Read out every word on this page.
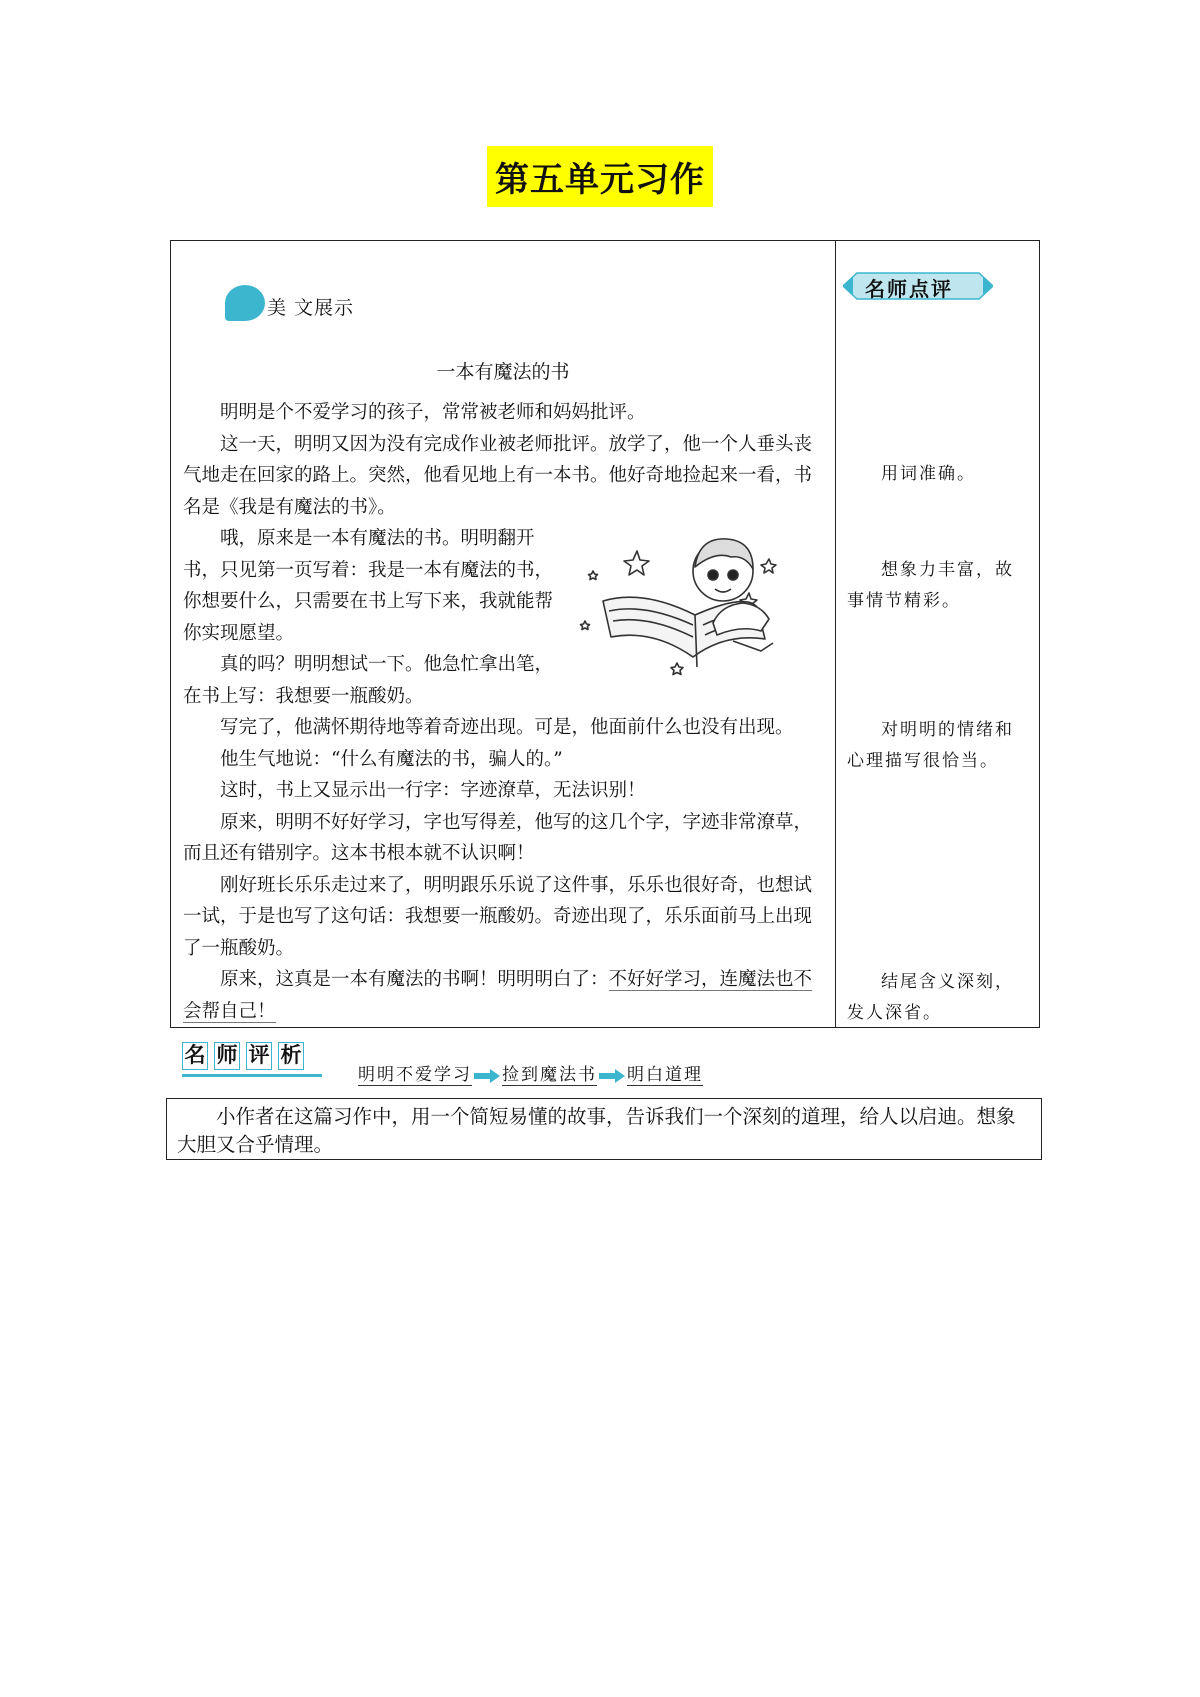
第五单元习作
美 文展示
一本有魔法的书

明明是个不爱学习的孩子，常常被老师和妈妈批评。

这一天，明明又因为没有完成作业被老师批评。放学了，他一个人垂头丧气地走在回家的路上。突然，他看见地上有一本书。他好奇地捡起来一看，书名是《我是有魔法的书》。

哦，原来是一本有魔法的书。明明翻开书，只见第一页写着：我是一本有魔法的书，你想要什么，只需要在书上写下来，我就能帮你实现愿望。

真的吗？明明想试一下。他急忙拿出笔，在书上写：我想要一瓶酸奶。

写完了，他满怀期待地等着奇迹出现。可是，他面前什么也没有出现。

他生气地说：“什么有魔法的书，骗人的。”

这时，书上又显示出一行字：字迹潦草，无法识别！

原来，明明不好好学习，字也写得差，他写的这几个字，字迹非常潦草，而且还有错别字。这本书根本就不认识啊！

刚好班长乐乐走过来了，明明跟乐乐说了这件事，乐乐也很好奇，也想试一试，于是也写了这句话：我想要一瓶酸奶。奇迹出现了，乐乐面前马上出现了一瓶酸奶。

原来，这真是一本有魔法的书啊！明明明白了：不好好学习，连魔法也不会帮自己！

名师点评

用词准确。

想象力丰富，故事情节精彩。

对明明的情绪和心理描写很恰当。

结尾含义深刻，发人深省。

名 师 评 析
明明不爱学习 捡到魔法书 明白道理

小作者在这篇习作中，用一个简短易懂的故事，告诉我们一个深刻的道理，给人以启迪。想象大胆又合乎情理。
